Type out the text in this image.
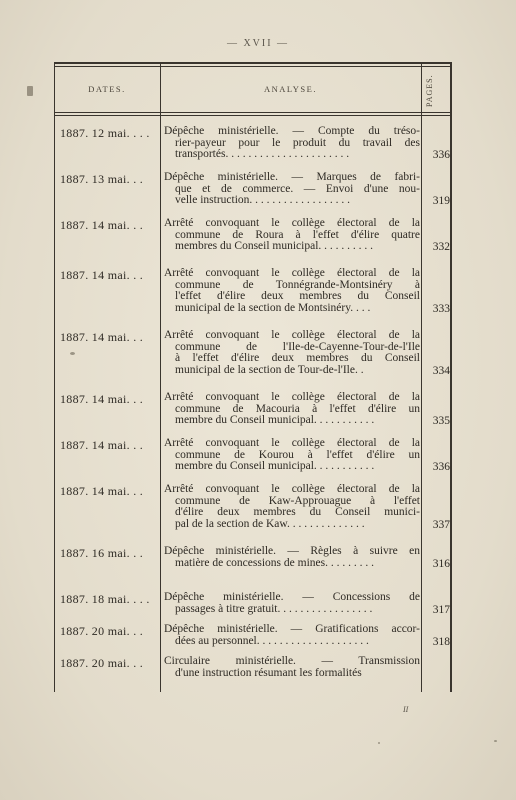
— XVII —
DATES.	ANALYSE.	PAGES.
1887. 12 mai. . . .	Dépêche ministérielle. — Compte du tréso-
rier-payeur pour le produit du travail des
transportés. . . . . . . . . . . . . . . . . . . . . .	336
1887. 13 mai. . .	Dépêche ministérielle. — Marques de fabri-
que et de commerce. — Envoi d'une nou-
velle instruction. . . . . . . . . . . . . . . . . .	319
1887. 14 mai. . .	Arrêté convoquant le collège électoral de la
commune de Roura à l'effet d'élire quatre
membres du Conseil municipal. . . . . . . . . .	332
1887. 14 mai. . .	Arrêté convoquant le collège électoral de la
commune de Tonnégrande-Montsinéry à
l'effet d'élire deux membres du Conseil
municipal de la section de Montsinéry. . . .	333
1887. 14 mai. . .	Arrêté convoquant le collège électoral de la
commune de l'Ile-de-Cayenne-Tour-de-l'Ile
à l'effet d'élire deux membres du Conseil
municipal de la section de Tour-de-l'Ile. .	334
1887. 14 mai. . .	Arrêté convoquant le collège électoral de la
commune de Macouria à l'effet d'élire un
membre du Conseil municipal. . . . . . . . . . .	335
1887. 14 mai. . .	Arrêté convoquant le collège électoral de la
commune de Kourou à l'effet d'élire un
membre du Conseil municipal. . . . . . . . . . .	336
1887. 14 mai. . .	Arrêté convoquant le collège électoral de la
commune de Kaw-Approuague à l'effet
d'élire deux membres du Conseil munici-
pal de la section de Kaw. . . . . . . . . . . . . .	337
1887. 16 mai. . .	Dépêche ministérielle. — Règles à suivre en
matière de concessions de mines. . . . . . . . .	316
1887. 18 mai. . . .	Dépêche ministérielle. — Concessions de
passages à titre gratuit. . . . . . . . . . . . . . . . .	317
1887. 20 mai. . .	Dépêche ministérielle. — Gratifications accor-
dées au personnel. . . . . . . . . . . . . . . . . . . .	318
1887. 20 mai. . .	Circulaire ministérielle. — Transmission
d'une instruction résumant les formalités
II
